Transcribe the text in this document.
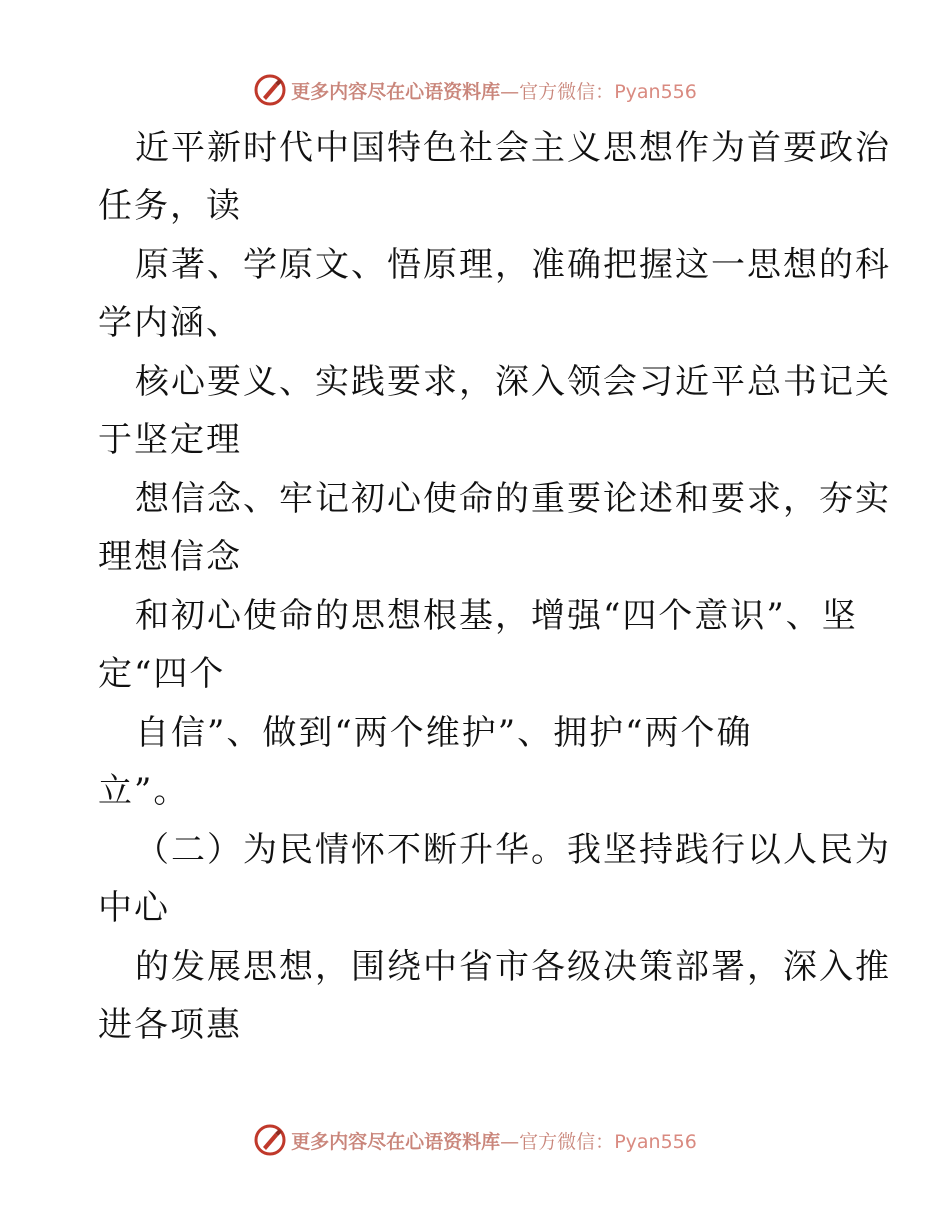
更多内容尽在心语资料库—官方微信：Pyan556
近平新时代中国特色社会主义思想作为首要政治
任务，读
原著、学原文、悟原理，准确把握这一思想的科
学内涵、
核心要义、实践要求，深入领会习近平总书记关
于坚定理
想信念、牢记初心使命的重要论述和要求，夯实
理想信念
和初心使命的思想根基，增强“四个意识”、坚
定“四个
自信”、做到“两个维护”、拥护“两个确
立”。
（二）为民情怀不断升华。我坚持践行以人民为
中心
的发展思想，围绕中省市各级决策部署，深入推
进各项惠
更多内容尽在心语资料库—官方微信：Pyan556
